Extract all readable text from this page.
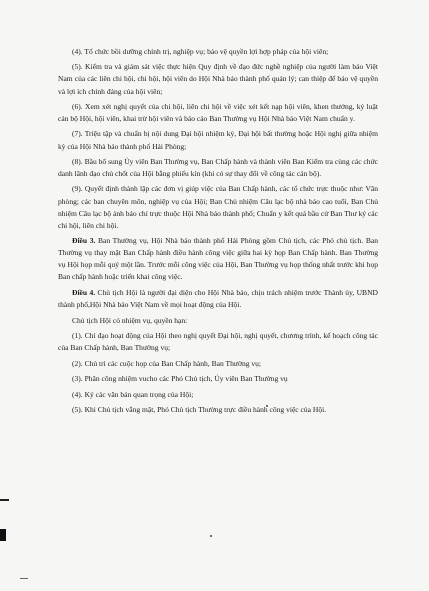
(4). Tổ chức bồi dưỡng chính trị, nghiệp vụ; bảo vệ quyền lợi hợp pháp của hội viên;

(5). Kiểm tra và giám sát việc thực hiện Quy định về đạo đức nghề nghiệp của người làm báo Việt Nam của các liên chi hội, chi hội, hội viên do Hội Nhà báo thành phố quản lý; can thiệp để bảo vệ quyền và lợi ích chính đáng của hội viên;

(6). Xem xét nghị quyết của chi hội, liên chi hội về việc xét kết nạp hội viên, khen thưởng, kỷ luật cán bộ Hội, hội viên, khai trừ hội viên và báo cáo Ban Thường vụ Hội Nhà báo Việt Nam chuẩn y.

(7). Triệu tập và chuẩn bị nội dung Đại hội nhiệm kỳ, Đại hội bất thường hoặc Hội nghị giữa nhiệm kỳ của Hội Nhà báo thành phố Hải Phòng;

(8). Bầu bổ sung Ủy viên Ban Thường vụ, Ban Chấp hành và thành viên Ban Kiểm tra cùng các chức danh lãnh đạo chủ chốt của Hội bằng phiếu kín (khi có sự thay đổi về công tác cán bộ).

(9). Quyết định thành lập các đơn vị giúp việc của Ban Chấp hành, các tổ chức trực thuộc như: Văn phòng; các ban chuyên môn, nghiệp vụ của Hội; Ban Chủ nhiệm Câu lạc bộ nhà báo cao tuổi, Ban Chủ nhiệm Câu lạc bộ ảnh báo chí trực thuộc Hội Nhà báo thành phố; Chuẩn y kết quả bầu cử Ban Thư ký các chi hội, liên chi hội.

Điều 3. Ban Thường vụ, Hội Nhà báo thành phố Hải Phòng gồm Chủ tịch, các Phó chủ tịch. Ban Thường vụ thay mặt Ban Chấp hành điều hành công việc giữa hai kỳ họp Ban Chấp hành. Ban Thường vụ Hội họp mỗi quý một lần. Trước mỗi công việc của Hội, Ban Thường vụ họp thống nhất trước khi họp Ban chấp hành hoặc triển khai công việc.

Điều 4. Chủ tịch Hội là người đại diện cho Hội Nhà báo, chịu trách nhiệm trước Thành ủy, UBND thành phố,Hội Nhà báo Việt Nam về mọi hoạt động của Hội.

Chủ tịch Hội có nhiệm vụ, quyền hạn:

(1). Chỉ đạo hoạt động của Hội theo nghị quyết Đại hội, nghị quyết, chương trình, kế hoạch công tác của Ban Chấp hành, Ban Thường vụ;

(2). Chủ trì các cuộc họp của Ban Chấp hành, Ban Thường vụ;

(3). Phân công nhiệm vucho các Phó Chủ tịch, Ủy viên Ban Thường vụ

(4). Ký các văn bản quan trọng của Hội;

(5). Khi Chủ tịch vắng mặt, Phó Chủ tịch Thường trực điều hành công việc của Hội.
